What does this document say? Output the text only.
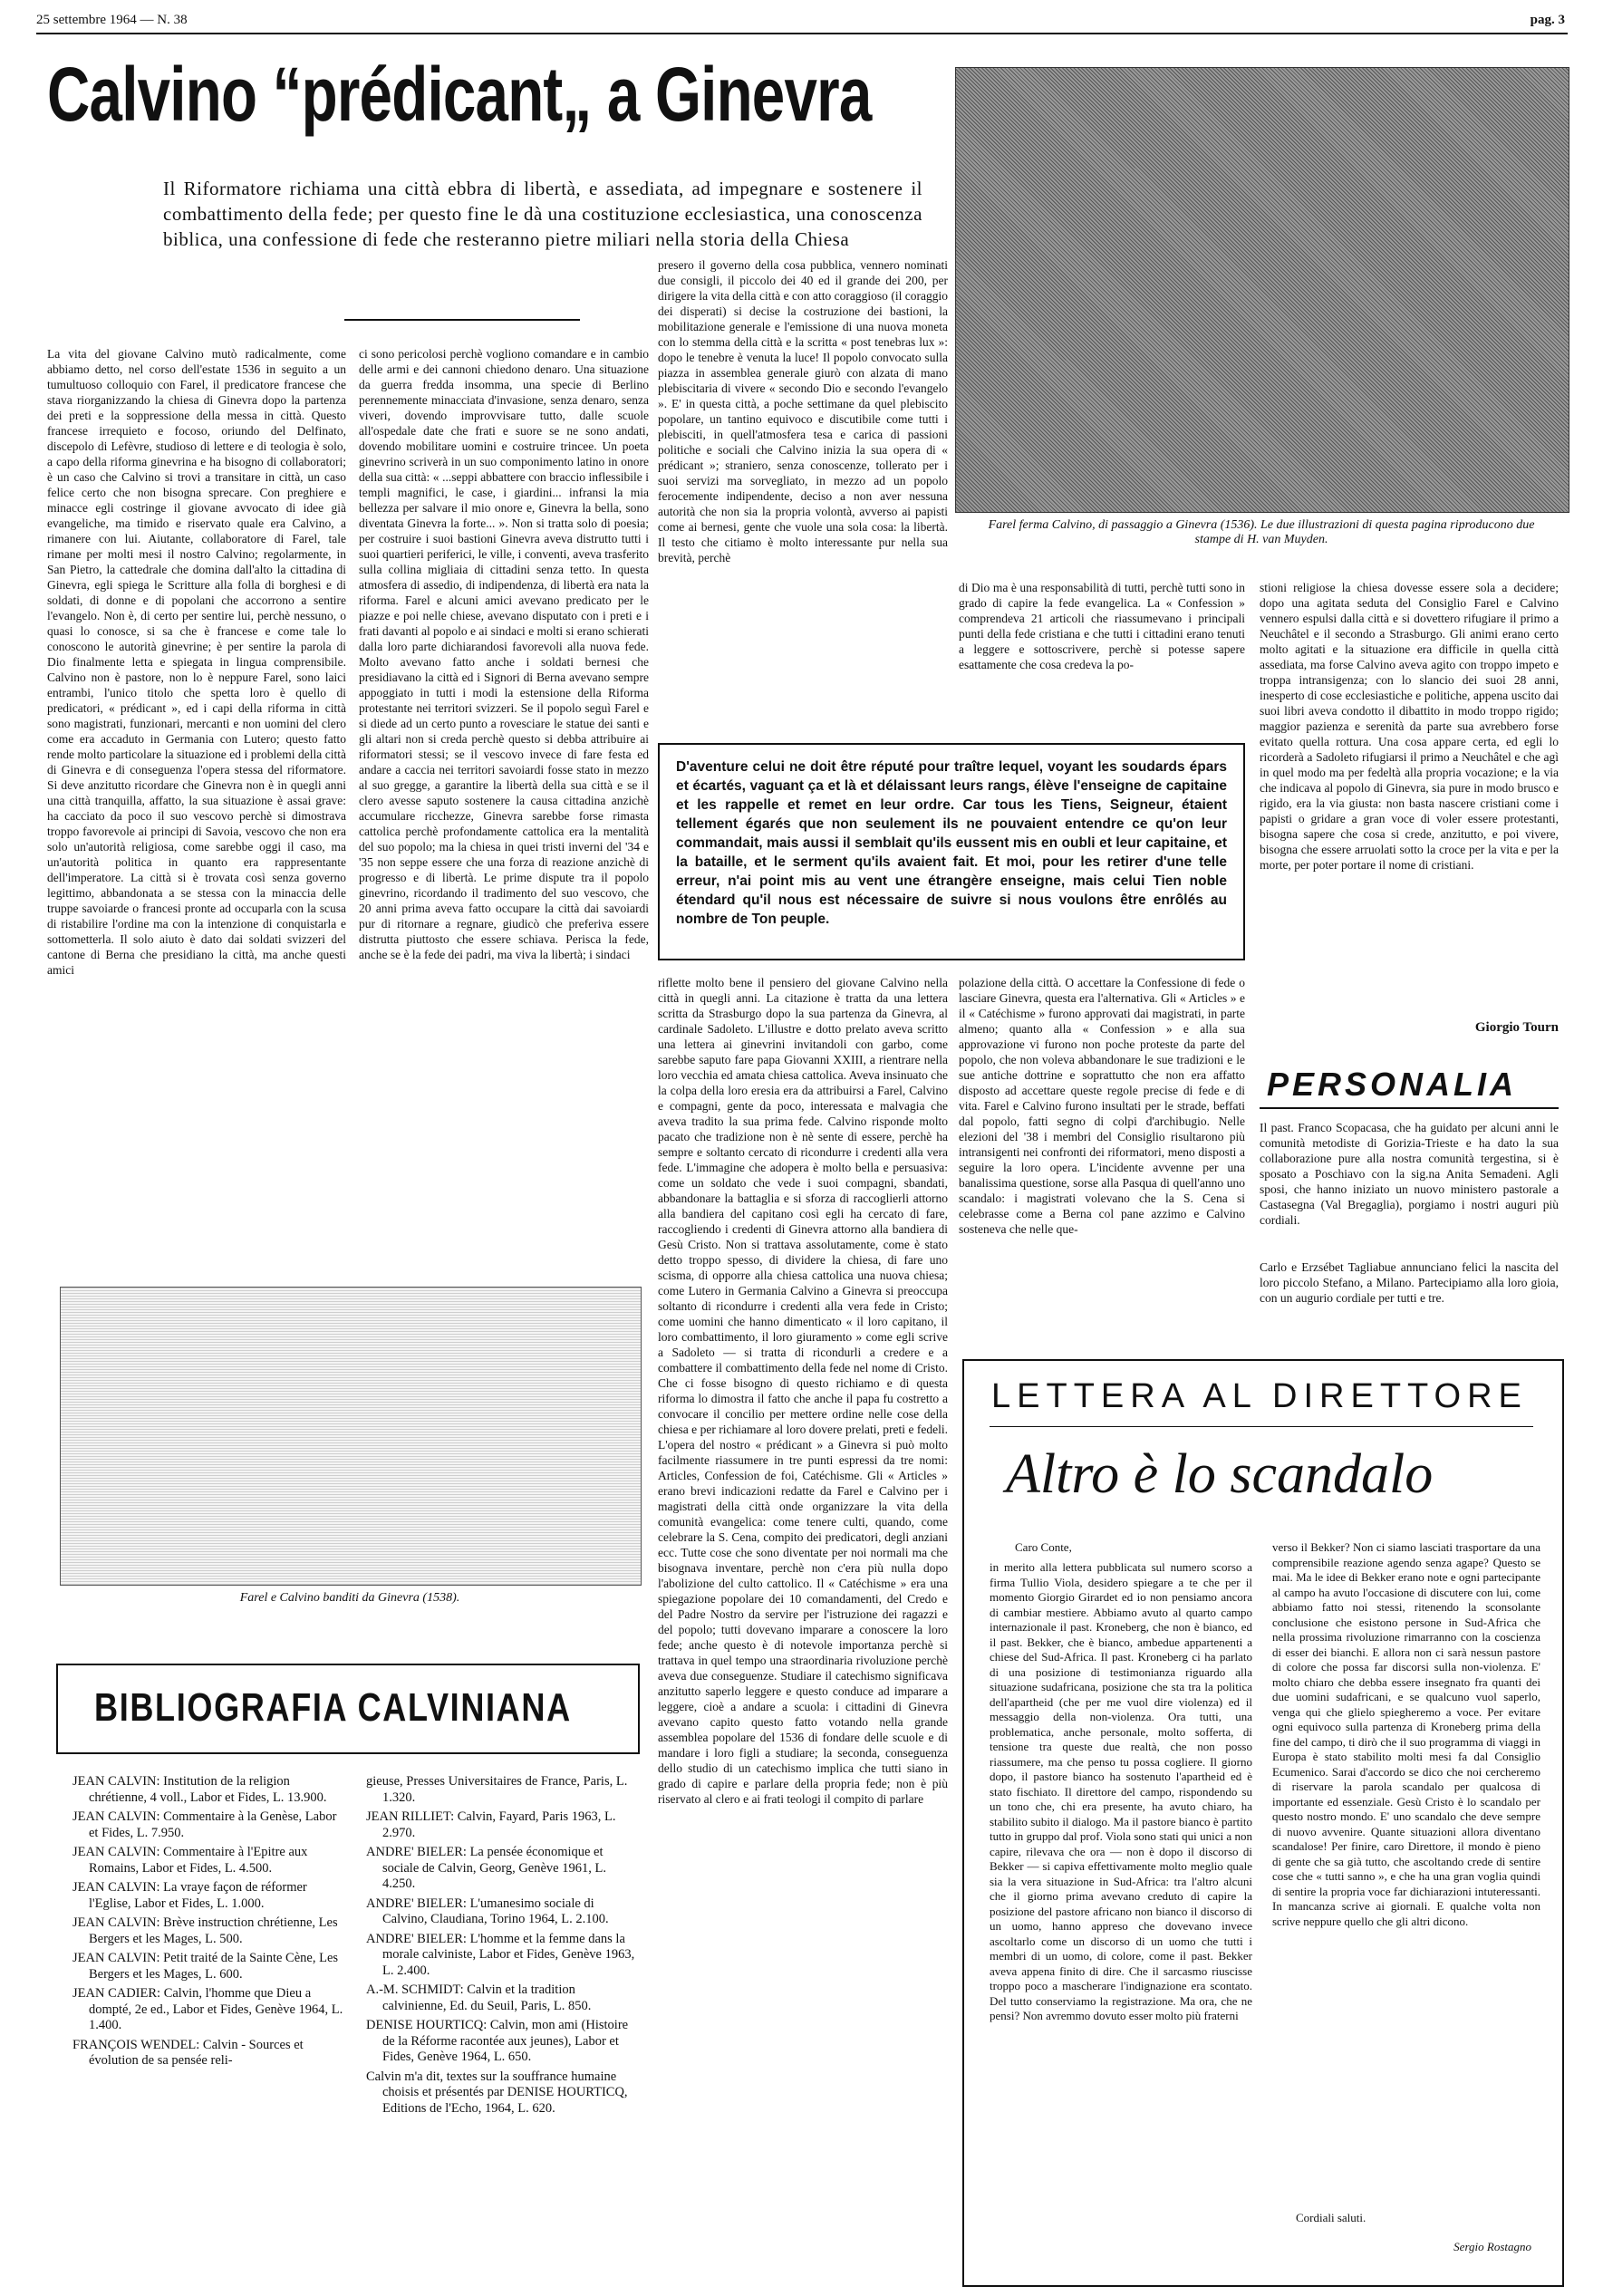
25 settembre 1964 — N. 38	pag. 3
Calvino “prédicant„ a Ginevra
Il Riformatore richiama una città ebbra di libertà, e assediata, ad impegnare e sostenere il combattimento della fede; per questo fine le dà una costituzione ecclesiastica, una conoscenza biblica, una confessione di fede che resteranno pietre miliari nella storia della Chiesa
Farel ferma Calvino, di passaggio a Ginevra (1536). Le due illustrazioni di questa pagina riproducono due stampe di H. van Muyden.
La vita del giovane Calvino mutò radicalmente, come abbiamo detto, nel corso dell'estate 1536 in seguito a un tumultuoso colloquio con Farel, il predicatore francese che stava riorganizzando la chiesa di Ginevra dopo la partenza dei preti e la soppressione della messa in città. Questo francese irrequieto e focoso, oriundo del Delfinato, discepolo di Lefèvre, studioso di lettere e di teologia è solo, a capo della riforma ginevrina e ha bisogno di collaboratori; è un caso che Calvino si trovi a transitare in città, un caso felice certo che non bisogna sprecare. Con preghiere e minacce egli costringe il giovane avvocato di idee già evangeliche, ma timido e riservato quale era Calvino, a rimanere con lui. Aiutante, collaboratore di Farel, tale rimane per molti mesi il nostro Calvino; regolarmente, in San Pietro, la cattedrale che domina dall'alto la cittadina di Ginevra, egli spiega le Scritture alla folla di borghesi e di soldati, di donne e di popolani che accorrono a sentire l'evangelo. Non è, di certo per sentire lui, perchè nessuno, o quasi lo conosce, si sa che è francese e come tale lo conoscono le autorità ginevrine; è per sentire la parola di Dio finalmente letta e spiegata in lingua comprensibile. Calvino non è pastore, non lo è neppure Farel, sono laici entrambi, l'unico titolo che spetta loro è quello di predicatori, « prédicant », ed i capi della riforma in città sono magistrati, funzionari, mercanti e non uomini del clero come era accaduto in Germania con Lutero; questo fatto rende molto particolare la situazione ed i problemi della città di Ginevra e di conseguenza l'opera stessa del riformatore. Si deve anzitutto ricordare che Ginevra non è in quegli anni una città tranquilla, affatto, la sua situazione è assai grave: ha cacciato da poco il suo vescovo perchè si dimostrava troppo favorevole ai principi di Savoia, vescovo che non era solo un'autorità religiosa, come sarebbe oggi il caso, ma un'autorità politica in quanto era rappresentante dell'imperatore. La città si è trovata così senza governo legittimo, abbandonata a se stessa con la minaccia delle truppe savoiarde o francesi pronte ad occuparla con la scusa di ristabilire l'ordine ma con la intenzione di conquistarla e sottometterla. Il solo aiuto è dato dai soldati svizzeri del cantone di Berna che presidiano la città, ma anche questi amici
ci sono pericolosi perchè vogliono comandare e in cambio delle armi e dei cannoni chiedono denaro. Una situazione da guerra fredda insomma, una specie di Berlino perennemente minacciata d'invasione, senza denaro, senza viveri, dovendo improvvisare tutto, dalle scuole all'ospedale date che frati e suore se ne sono andati, dovendo mobilitare uomini e costruire trincee. Un poeta ginevrino scriverà in un suo componimento latino in onore della sua città: « ...seppi abbattere con braccio inflessibile i templi magnifici, le case, i giardini... infransi la mia bellezza per salvare il mio onore e, Ginevra la bella, sono diventata Ginevra la forte... ». Non si tratta solo di poesia; per costruire i suoi bastioni Ginevra aveva distrutto tutti i suoi quartieri periferici, le ville, i conventi, aveva trasferito sulla collina migliaia di cittadini senza tetto. In questa atmosfera di assedio, di indipendenza, di libertà era nata la riforma. Farel e alcuni amici avevano predicato per le piazze e poi nelle chiese, avevano disputato con i preti e i frati davanti al popolo e ai sindaci e molti si erano schierati dalla loro parte dichiarandosi favorevoli alla nuova fede. Molto avevano fatto anche i soldati bernesi che presidiavano la città ed i Signori di Berna avevano sempre appoggiato in tutti i modi la estensione della Riforma protestante nei territori svizzeri. Se il popolo seguì Farel e si diede ad un certo punto a rovesciare le statue dei santi e gli altari non si creda perchè questo si debba attribuire ai riformatori stessi; se il vescovo invece di fare festa ed andare a caccia nei territori savoiardi fosse stato in mezzo al suo gregge, a garantire la libertà della sua città e se il clero avesse saputo sostenere la causa cittadina anzichè accumulare ricchezze, Ginevra sarebbe forse rimasta cattolica perchè profondamente cattolica era la mentalità del suo popolo; ma la chiesa in quei tristi inverni del '34 e '35 non seppe essere che una forza di reazione anzichè di progresso e di libertà. Le prime dispute tra il popolo ginevrino, ricordando il tradimento del suo vescovo, che 20 anni prima aveva fatto occupare la città dai savoiardi pur di ritornare a regnare, giudicò che preferiva essere distrutta piuttosto che essere schiava. Perisca la fede, anche se è la fede dei padri, ma viva la libertà; i sindaci
presero il governo della cosa pubblica, vennero nominati due consigli, il piccolo dei 40 ed il grande dei 200, per dirigere la vita della città e con atto coraggioso (il coraggio dei disperati) si decise la costruzione dei bastioni, la mobilitazione generale e l'emissione di una nuova moneta con lo stemma della città e la scritta « post tenebras lux »: dopo le tenebre è venuta la luce! Il popolo convocato sulla piazza in assemblea generale giurò con alzata di mano plebiscitaria di vivere « secondo Dio e secondo l'evangelo ». E' in questa città, a poche settimane da quel plebiscito popolare, un tantino equivoco e discutibile come tutti i plebisciti, in quell'atmosfera tesa e carica di passioni politiche e sociali che Calvino inizia la sua opera di « prédicant »; straniero, senza conoscenze, tollerato per i suoi servizi ma sorvegliato, in mezzo ad un popolo ferocemente indipendente, deciso a non aver nessuna autorità che non sia la propria volontà, avverso ai papisti come ai bernesi, gente che vuole una sola cosa: la libertà. Il testo che citiamo è molto interessante pur nella sua brevità, perchè
di Dio ma è una responsabilità di tutti, perchè tutti sono in grado di capire la fede evangelica. La « Confession » comprendeva 21 articoli che riassumevano i principali punti della fede cristiana e che tutti i cittadini erano tenuti a leggere e sottoscrivere, perchè si potesse sapere esattamente che cosa credeva la po-
stioni religiose la chiesa dovesse essere sola a decidere; dopo una agitata seduta del Consiglio Farel e Calvino vennero espulsi dalla città e si dovettero rifugiare il primo a Neuchâtel e il secondo a Strasburgo. Gli animi erano certo molto agitati e la situazione era difficile in quella città assediata, ma forse Calvino aveva agito con troppo impeto e troppa intransigenza; con lo slancio dei suoi 28 anni, inesperto di cose ecclesiastiche e politiche, appena uscito dai suoi libri aveva condotto il dibattito in modo troppo rigido; maggior pazienza e serenità da parte sua avrebbero forse evitato quella rottura. Una cosa appare certa, ed egli lo ricorderà a Sadoleto rifugiarsi il primo a Neuchâtel e che agì in quel modo ma per fedeltà alla propria vocazione; e la via che indicava al popolo di Ginevra, sia pure in modo brusco e rigido, era la via giusta: non basta nascere cristiani come i papisti o gridare a gran voce di voler essere protestanti, bisogna sapere che cosa si crede, anzitutto, e poi vivere, bisogna che essere arruolati sotto la croce per la vita e per la morte, per poter portare il nome di cristiani.
Giorgio Tourn
D'aventure celui ne doit être réputé pour traître lequel, voyant les soudards épars et écartés, vaguant ça et là et délaissant leurs rangs, élève l'enseigne de capitaine et les rappelle et remet en leur ordre. Car tous les Tiens, Seigneur, étaient tellement égarés que non seulement ils ne pouvaient entendre ce qu'on leur commandait, mais aussi il semblait qu'ils eussent mis en oubli et leur capitaine, et la bataille, et le serment qu'ils avaient fait. Et moi, pour les retirer d'une telle erreur, n'ai point mis au vent une étrangère enseigne, mais celui Tien noble étendard qu'il nous est nécessaire de suivre si nous voulons être enrôlés au nombre de Ton peuple.
riflette molto bene il pensiero del giovane Calvino nella città in quegli anni. La citazione è tratta da una lettera scritta da Strasburgo dopo la sua partenza da Ginevra, al cardinale Sadoleto. L'illustre e dotto prelato aveva scritto una lettera ai ginevrini invitandoli con garbo, come sarebbe saputo fare papa Giovanni XXIII, a rientrare nella loro vecchia ed amata chiesa cattolica. Aveva insinuato che la colpa della loro eresia era da attribuirsi a Farel, Calvino e compagni, gente da poco, interessata e malvagia che aveva tradito la sua prima fede. Calvino risponde molto pacato che tradizione non è nè sente di essere, perchè ha sempre e soltanto cercato di ricondurre i credenti alla vera fede. L'immagine che adopera è molto bella e persuasiva: come un soldato che vede i suoi compagni, sbandati, abbandonare la battaglia e si sforza di raccoglierli attorno alla bandiera del capitano così egli ha cercato di fare, raccogliendo i credenti di Ginevra attorno alla bandiera di Gesù Cristo. Non si trattava assolutamente, come è stato detto troppo spesso, di dividere la chiesa, di fare uno scisma, di opporre alla chiesa cattolica una nuova chiesa; come Lutero in Germania Calvino a Ginevra si preoccupa soltanto di ricondurre i credenti alla vera fede in Cristo; come uomini che hanno dimenticato « il loro capitano, il loro combattimento, il loro giuramento » come egli scrive a Sadoleto — si tratta di ricondurli a credere e a combattere il combattimento della fede nel nome di Cristo. Che ci fosse bisogno di questo richiamo e di questa riforma lo dimostra il fatto che anche il papa fu costretto a convocare il concilio per mettere ordine nelle cose della chiesa e per richiamare al loro dovere prelati, preti e fedeli. L'opera del nostro « prédicant » a Ginevra si può molto facilmente riassumere in tre punti espressi da tre nomi: Articles, Confession de foi, Catéchisme. Gli « Articles » erano brevi indicazioni redatte da Farel e Calvino per i magistrati della città onde organizzare la vita della comunità evangelica: come tenere culti, quando, come celebrare la S. Cena, compito dei predicatori, degli anziani ecc. Tutte cose che sono diventate per noi normali ma che bisognava inventare, perchè non c'era più nulla dopo l'abolizione del culto cattolico. Il « Catéchisme » era una spiegazione popolare dei 10 comandamenti, del Credo e del Padre Nostro da servire per l'istruzione dei ragazzi e del popolo; tutti dovevano imparare a conoscere la loro fede; anche questo è di notevole importanza perchè si trattava in quel tempo una straordinaria rivoluzione perchè aveva due conseguenze. Studiare il catechismo significava anzitutto saperlo leggere e questo conduce ad imparare a leggere, cioè a andare a scuola: i cittadini di Ginevra avevano capito questo fatto votando nella grande assemblea popolare del 1536 di fondare delle scuole e di mandare i loro figli a studiare; la seconda, conseguenza dello studio di un catechismo implica che tutti siano in grado di capire e parlare della propria fede; non è più riservato al clero e ai frati teologi il compito di parlare
polazione della città. O accettare la Confessione di fede o lasciare Ginevra, questa era l'alternativa. Gli « Articles » e il « Catéchisme » furono approvati dai magistrati, in parte almeno; quanto alla « Confession » e alla sua approvazione vi furono non poche proteste da parte del popolo, che non voleva abbandonare le sue tradizioni e le sue antiche dottrine e soprattutto che non era affatto disposto ad accettare queste regole precise di fede e di vita. Farel e Calvino furono insultati per le strade, beffati dal popolo, fatti segno di colpi d'archibugio. Nelle elezioni del '38 i membri del Consiglio risultarono più intransigenti nei confronti dei riformatori, meno disposti a seguire la loro opera. L'incidente avvenne per una banalissima questione, sorse alla Pasqua di quell'anno uno scandalo: i magistrati volevano che la S. Cena si celebrasse come a Berna col pane azzimo e Calvino sosteneva che nelle que-
Farel e Calvino banditi da Ginevra (1538).
BIBLIOGRAFIA CALVINIANA
JEAN CALVIN: Institution de la religion chrétienne, 4 voll., Labor et Fides, L. 13.900.
JEAN CALVIN: Commentaire à la Genèse, Labor et Fides, L. 7.950.
JEAN CALVIN: Commentaire à l'Epitre aux Romains, Labor et Fides, L. 4.500.
JEAN CALVIN: La vraye façon de réformer l'Eglise, Labor et Fides, L. 1.000.
JEAN CALVIN: Brève instruction chrétienne, Les Bergers et les Mages, L. 500.
JEAN CALVIN: Petit traité de la Sainte Cène, Les Bergers et les Mages, L. 600.
JEAN CADIER: Calvin, l'homme que Dieu a dompté, 2e ed., Labor et Fides, Genève 1964, L. 1.400.
FRANÇOIS WENDEL: Calvin - Sources et évolution de sa pensée reli-
gieuse, Presses Universitaires de France, Paris, L. 1.320.
JEAN RILLIET: Calvin, Fayard, Paris 1963, L. 2.970.
ANDRE' BIELER: La pensée économique et sociale de Calvin, Georg, Genève 1961, L. 4.250.
ANDRE' BIELER: L'umanesimo sociale di Calvino, Claudiana, Torino 1964, L. 2.100.
ANDRE' BIELER: L'homme et la femme dans la morale calviniste, Labor et Fides, Genève 1963, L. 2.400.
A.-M. SCHMIDT: Calvin et la tradition calvinienne, Ed. du Seuil, Paris, L. 850.
DENISE HOURTICQ: Calvin, mon ami (Histoire de la Réforme racontée aux jeunes), Labor et Fides, Genève 1964, L. 650.
Calvin m'a dit, textes sur la souffrance humaine choisis et présentés par DENISE HOURTICQ, Editions de l'Echo, 1964, L. 620.
PERSONALIA
Il past. Franco Scopacasa, che ha guidato per alcuni anni le comunità metodiste di Gorizia-Trieste e ha dato la sua collaborazione pure alla nostra comunità tergestina, si è sposato a Poschiavo con la sig.na Anita Semadeni. Agli sposi, che hanno iniziato un nuovo ministero pastorale a Castasegna (Val Bregaglia), porgiamo i nostri auguri più cordiali.
Carlo e Erzsébet Tagliabue annunciano felici la nascita del loro piccolo Stefano, a Milano. Partecipiamo alla loro gioia, con un augurio cordiale per tutti e tre.
LETTERA AL DIRETTORE
Altro è lo scandalo
Caro Conte,
in merito alla lettera pubblicata sul numero scorso a firma Tullio Viola, desidero spiegare a te che per il momento Giorgio Girardet ed io non pensiamo ancora di cambiar mestiere. Abbiamo avuto al quarto campo internazionale il past. Kroneberg, che non è bianco, ed il past. Bekker, che è bianco, ambedue appartenenti a chiese del Sud-Africa. Il past. Kroneberg ci ha parlato di una posizione di testimonianza riguardo alla situazione sudafricana, posizione che sta tra la politica dell'apartheid (che per me vuol dire violenza) ed il messaggio della non-violenza. Ora tutti, una problematica, anche personale, molto sofferta, di tensione tra queste due realtà, che non posso riassumere, ma che penso tu possa cogliere. Il giorno dopo, il pastore bianco ha sostenuto l'apartheid ed è stato fischiato. Il direttore del campo, rispondendo su un tono che, chi era presente, ha avuto chiaro, ha stabilito subito il dialogo. Ma il pastore bianco è partito tutto in gruppo dal prof. Viola sono stati qui unici a non capire, rilevava che ora — non è dopo il discorso di Bekker — si capiva effettivamente molto meglio quale sia la vera situazione in Sud-Africa: tra l'altro alcuni che il giorno prima avevano creduto di capire la posizione del pastore africano non bianco il discorso di un uomo, hanno appreso che dovevano invece ascoltarlo come un discorso di un uomo che tutti i membri di un uomo, di colore, come il past. Bekker aveva appena finito di dire. Che il sarcasmo riuscisse troppo poco a mascherare l'indignazione era scontato. Del tutto conserviamo la registrazione. Ma ora, che ne pensi? Non avremmo dovuto esser molto più fraterni
verso il Bekker? Non ci siamo lasciati trasportare da una comprensibile reazione agendo senza agape? Questo se mai. Ma le idee di Bekker erano note e ogni partecipante al campo ha avuto l'occasione di discutere con lui, come abbiamo fatto noi stessi, ritenendo la sconsolante conclusione che esistono persone in Sud-Africa che nella prossima rivoluzione rimarranno con la coscienza di esser dei bianchi. E allora non ci sarà nessun pastore di colore che possa far discorsi sulla non-violenza. E' molto chiaro che debba essere insegnato fra quanti dei due uomini sudafricani, e se qualcuno vuol saperlo, venga qui che glielo spiegheremo a voce. Per evitare ogni equivoco sulla partenza di Kroneberg prima della fine del campo, ti dirò che il suo programma di viaggi in Europa è stato stabilito molti mesi fa dal Consiglio Ecumenico. Sarai d'accordo se dico che noi cercheremo di riservare la parola scandalo per qualcosa di importante ed essenziale. Gesù Cristo è lo scandalo per questo nostro mondo. E' uno scandalo che deve sempre di nuovo avvenire. Quante situazioni allora diventano scandalose! Per finire, caro Direttore, il mondo è pieno di gente che sa già tutto, che ascoltando crede di sentire cose che « tutti sanno », e che ha una gran voglia quindi di sentire la propria voce far dichiarazioni intuteressanti. In mancanza scrive ai giornali. E qualche volta non scrive neppure quello che gli altri dicono.
Cordiali saluti.
Sergio Rostagno
